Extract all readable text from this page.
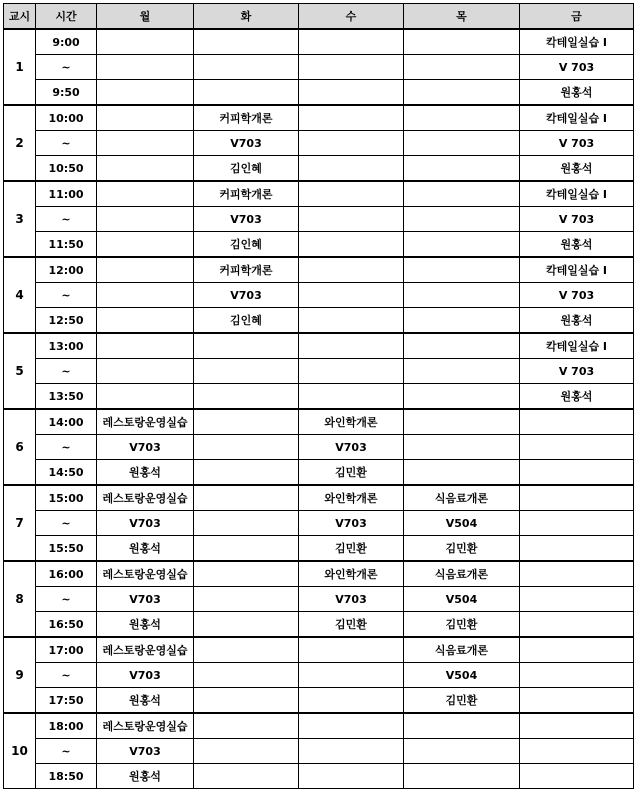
교시	시간	월	화	수	목	금
1	9:00					칵테일실습 I
	~					V 703
	9:50					원홍석
2	10:00		커피학개론			칵테일실습 I
	~		V703			V 703
	10:50		김인혜			원홍석
3	11:00		커피학개론			칵테일실습 I
	~		V703			V 703
	11:50		김인혜			원홍석
4	12:00		커피학개론			칵테일실습 I
	~		V703			V 703
	12:50		김인혜			원홍석
5	13:00					칵테일실습 I
	~					V 703
	13:50					원홍석
6	14:00	레스토랑운영실습		와인학개론		
	~	V703		V703		
	14:50	원홍석		김민환		
7	15:00	레스토랑운영실습		와인학개론	식음료개론	
	~	V703		V703	V504	
	15:50	원홍석		김민환	김민환	
8	16:00	레스토랑운영실습		와인학개론	식음료개론	
	~	V703		V703	V504	
	16:50	원홍석		김민환	김민환	
9	17:00	레스토랑운영실습			식음료개론	
	~	V703			V504	
	17:50	원홍석			김민환	
10	18:00	레스토랑운영실습				
	~	V703				
	18:50	원홍석				
